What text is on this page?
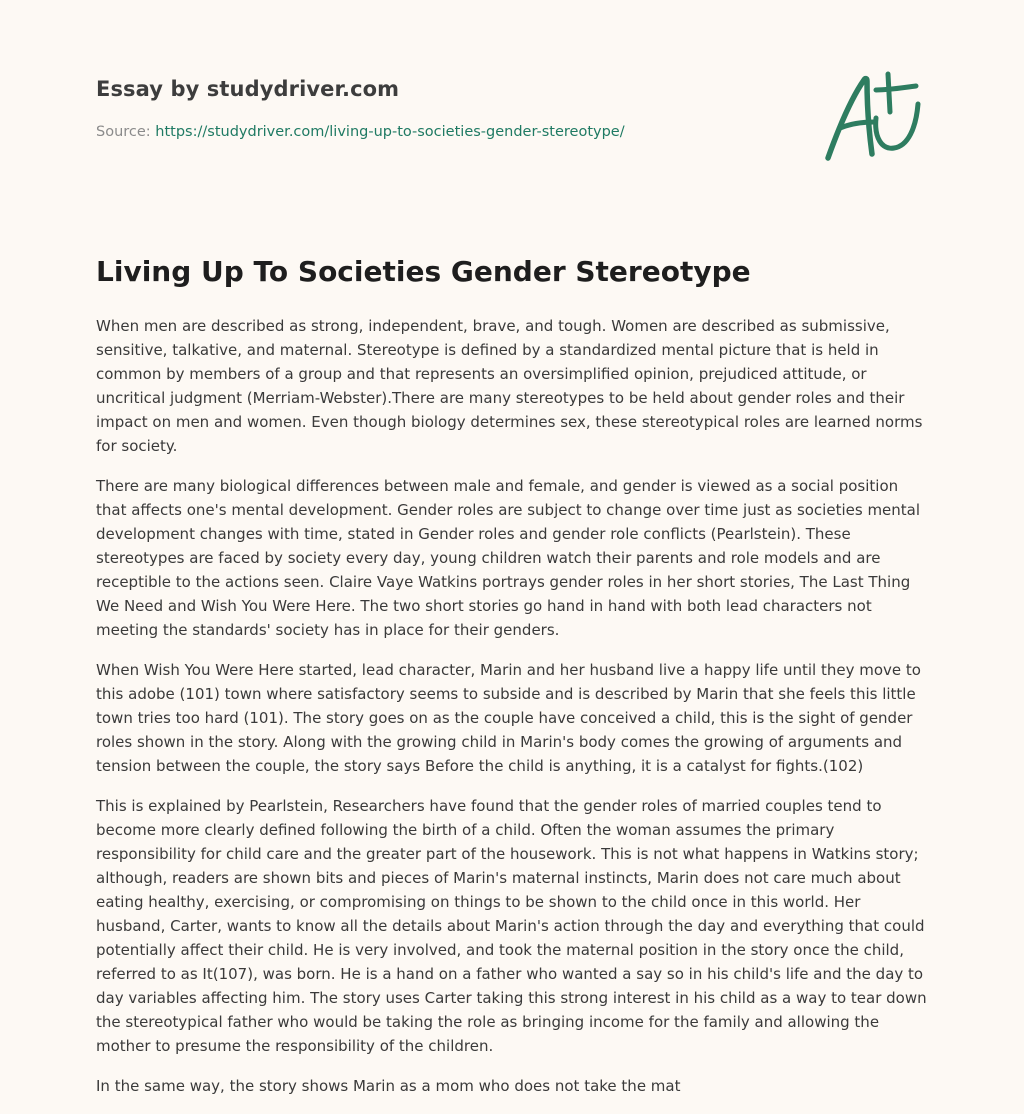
Essay by studydriver.com
Source: https://studydriver.com/living-up-to-societies-gender-stereotype/
Living Up To Societies Gender Stereotype

When men are described as strong, independent, brave, and tough. Women are described as submissive, sensitive, talkative, and maternal. Stereotype is defined by a standardized mental picture that is held in common by members of a group and that represents an oversimplified opinion, prejudiced attitude, or uncritical judgment (Merriam-Webster).There are many stereotypes to be held about gender roles and their impact on men and women. Even though biology determines sex, these stereotypical roles are learned norms for society.

There are many biological differences between male and female, and gender is viewed as a social position that affects one's mental development. Gender roles are subject to change over time just as societies mental development changes with time, stated in Gender roles and gender role conflicts (Pearlstein). These stereotypes are faced by society every day, young children watch their parents and role models and are receptible to the actions seen. Claire Vaye Watkins portrays gender roles in her short stories, The Last Thing We Need and Wish You Were Here. The two short stories go hand in hand with both lead characters not meeting the standards' society has in place for their genders.

When Wish You Were Here started, lead character, Marin and her husband live a happy life until they move to this adobe (101) town where satisfactory seems to subside and is described by Marin that she feels this little town tries too hard (101). The story goes on as the couple have conceived a child, this is the sight of gender roles shown in the story. Along with the growing child in Marin's body comes the growing of arguments and tension between the couple, the story says Before the child is anything, it is a catalyst for fights.(102)

This is explained by Pearlstein, Researchers have found that the gender roles of married couples tend to become more clearly defined following the birth of a child. Often the woman assumes the primary responsibility for child care and the greater part of the housework. This is not what happens in Watkins story; although, readers are shown bits and pieces of Marin's maternal instincts, Marin does not care much about eating healthy, exercising, or compromising on things to be shown to the child once in this world. Her husband, Carter, wants to know all the details about Marin's action through the day and everything that could potentially affect their child. He is very involved, and took the maternal position in the story once the child, referred to as It(107), was born. He is a hand on a father who wanted a say so in his child's life and the day to day variables affecting him. The story uses Carter taking this strong interest in his child as a way to tear down the stereotypical father who would be taking the role as bringing income for the family and allowing the mother to presume the responsibility of the children.

In the same way, the story shows Marin as a mom who does not take the mat
